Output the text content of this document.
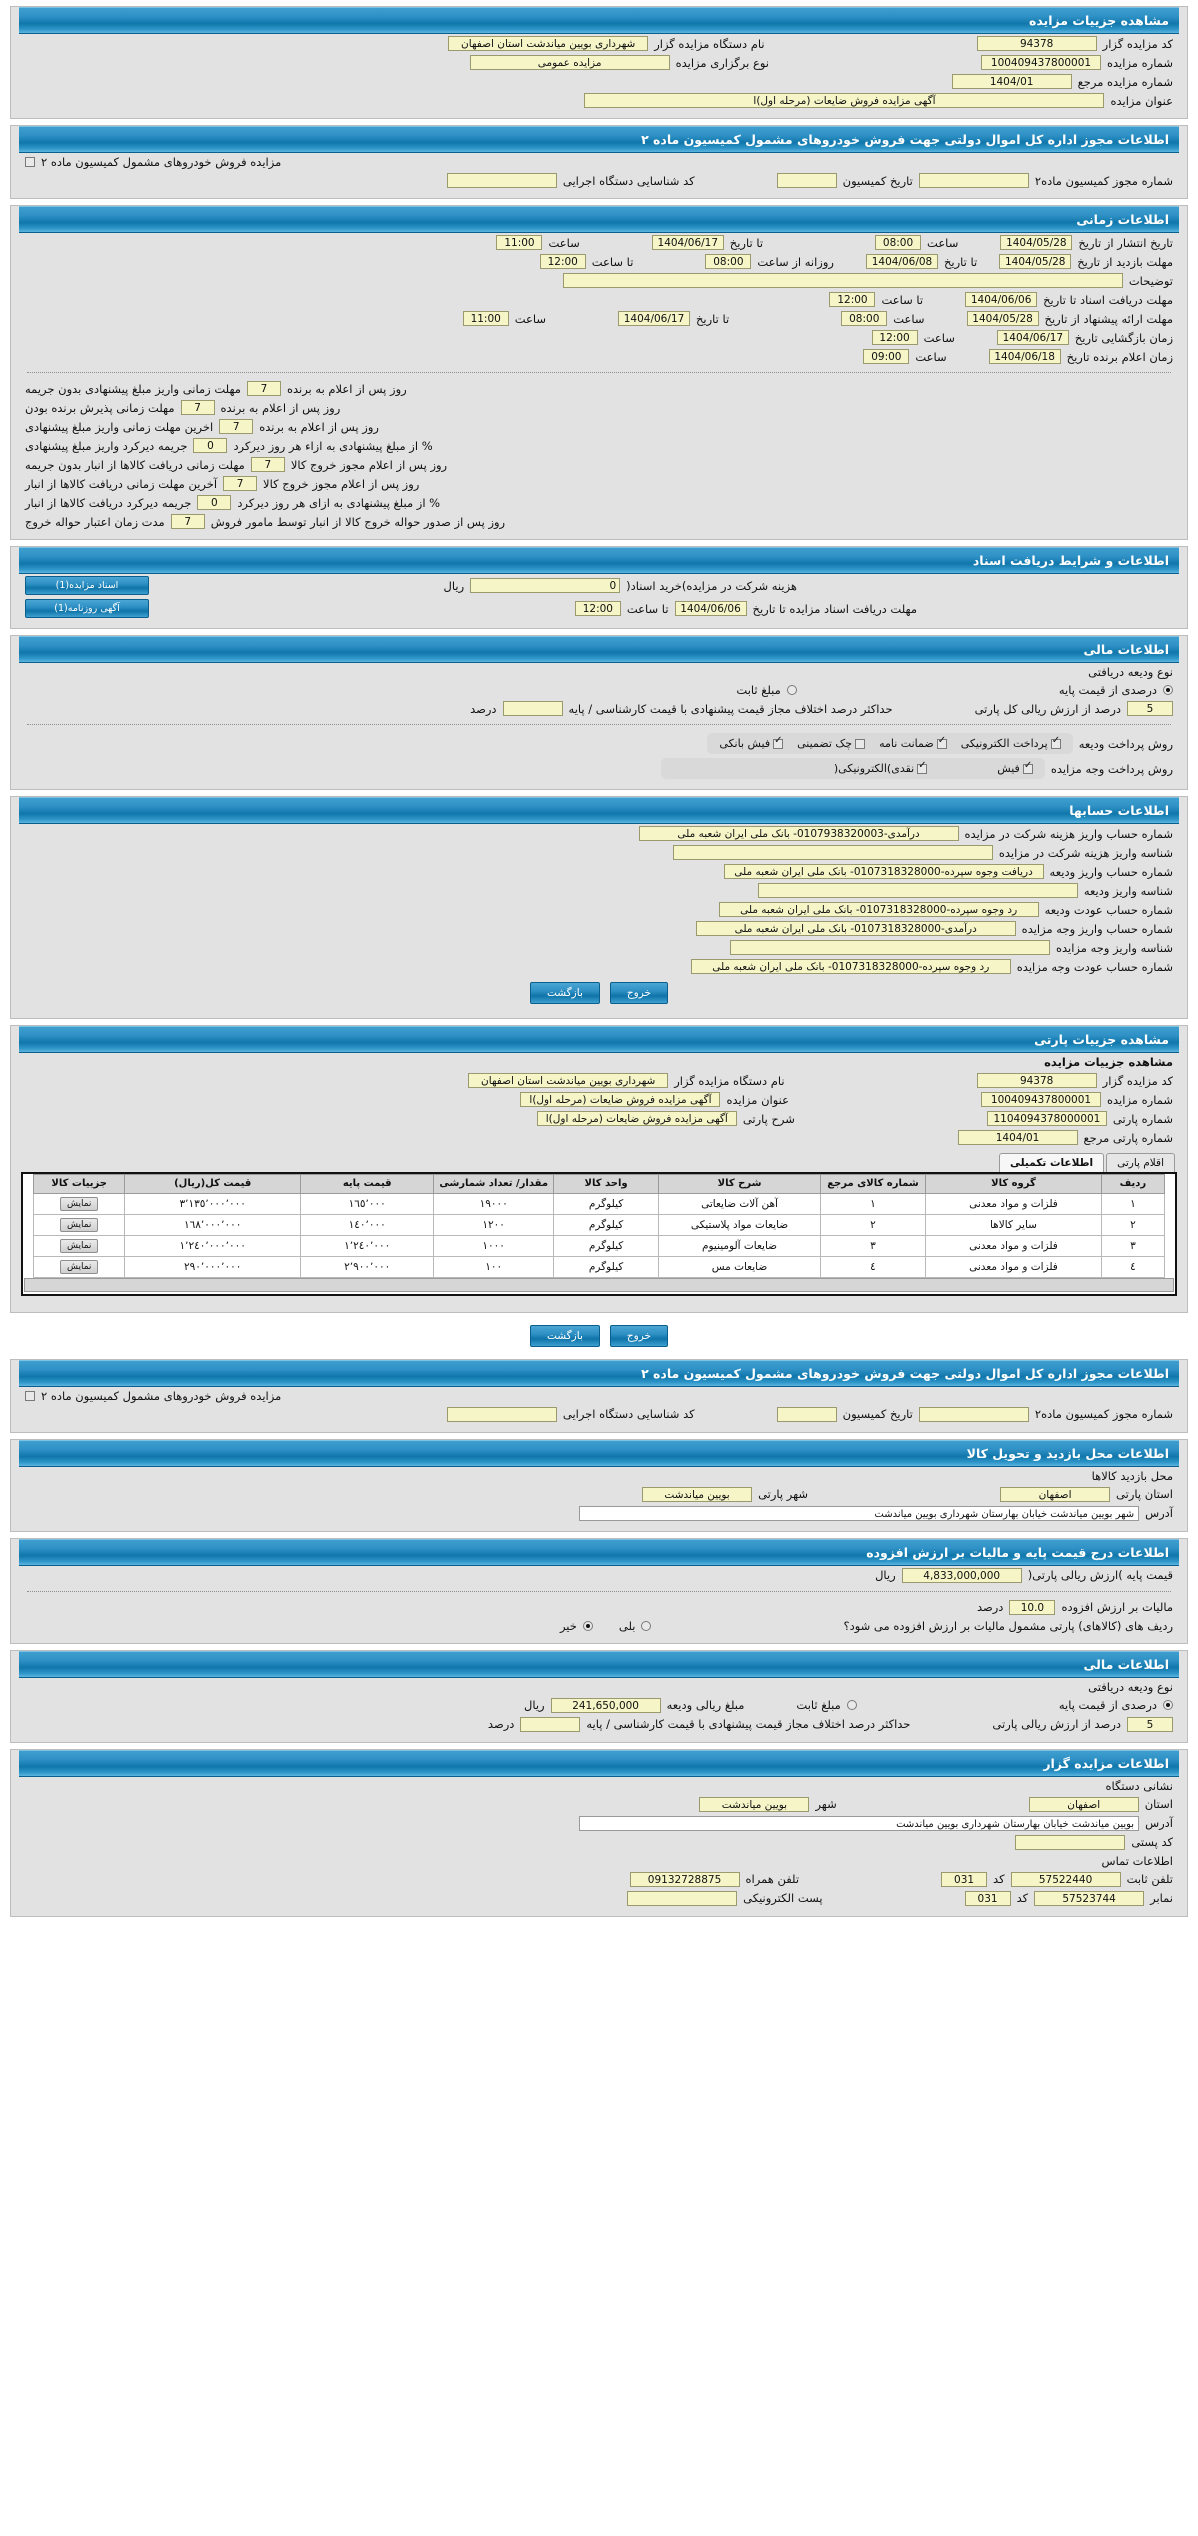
مشاهده جزییات مزایده
کد مزایده گزار
94378
نام دستگاه مزایده گزار
شهرداری بویین میاندشت استان اصفهان
شماره مزایده
100409437800001
نوع برگزاری مزایده
مزایده عمومی
شماره مزایده مرجع
1404/01
عنوان مزایده
آگهی مزایده فروش ضایعات (مرحله اول)ا
اطلاعات مجوز اداره کل اموال دولتی جهت فروش خودروهای مشمول کمیسیون ماده ٢
مزایده فروش خودروهای مشمول کمیسیون ماده ٢
شماره مجوز کمیسیون ماده٢
تاریخ کمیسیون
کد شناسایی دستگاه اجرایی
اطلاعات زمانی
تاریخ انتشار از تاریخ
1404/05/28
ساعت
08:00
تا تاریخ
1404/06/17
ساعت
11:00
مهلت بازدید از تاریخ
1404/05/28
تا تاریخ
1404/06/08
روزانه از ساعت
08:00
تا ساعت
12:00
توضیحات
مهلت دریافت اسناد تا تاریخ
1404/06/06
تا ساعت
12:00
مهلت ارائه پیشنهاد از تاریخ
1404/05/28
ساعت
08:00
تا تاریخ
1404/06/17
ساعت
11:00
زمان بازگشایی تاریخ
1404/06/17
ساعت
12:00
زمان اعلام برنده تاریخ
1404/06/18
ساعت
09:00
روز پس از اعلام به برنده
7
مهلت زمانی واریز مبلغ پیشنهادی بدون جریمه
روز پس از اعلام به برنده
7
مهلت زمانی پذیرش برنده بودن
روز پس از اعلام به برنده
7
اخرین مهلت زمانی واریز مبلغ پیشنهادی
% از مبلغ پیشنهادی به ازاء هر روز دیرکرد
0
جریمه دیرکرد واریز مبلغ پیشنهادی
روز پس از اعلام مجوز خروج کالا
7
مهلت زمانی دریافت کالاها از انبار بدون جریمه
روز پس از اعلام مجوز خروج کالا
7
آخرین مهلت زمانی دریافت کالاها از انبار
% از مبلغ پیشنهادی به ازای هر روز دیرکرد
0
جریمه دیرکرد دریافت کالاها از انبار
روز پس از صدور حواله خروج کالا از انبار توسط مامور فروش
7
مدت زمان اعتبار حواله خروج
اطلاعات و شرایط دریافت اسناد
هزینه شرکت در مزایده)خرید اسناد(
0
ریال
اسناد مزایده(1)
مهلت دریافت اسناد مزایده تا تاریخ
1404/06/06
تا ساعت
12:00
آگهی روزنامه(1)
اطلاعات مالی
نوع ودیعه دریافتی
درصدی از قیمت پایه
مبلغ ثابت
5
درصد از ارزش ریالی کل پارتی
حداکثر درصد اختلاف مجاز قیمت پیشنهادی با قیمت کارشناسی / پایه
درصد
روش پرداخت ودیعه
✓
پرداخت الکترونیکی
✓
ضمانت نامه
چک تضمینی
✓
فیش بانکی
روش پرداخت وجه مزایده
✓
فیش
✓
نقدی)الکترونیکی(
اطلاعات حسابها
شماره حساب واریز هزینه شرکت در مزایده
درآمدی-0107938320003- بانک ملی ایران شعبه ملی
شناسه واریز هزینه شرکت در مزایده
شماره حساب واریز ودیعه
دریافت وجوه سپرده-0107318328000- بانک ملی ایران شعبه ملی
شناسه واریز ودیعه
شماره حساب عودت ودیعه
رد وجوه سپرده-0107318328000- بانک ملی ایران شعبه ملی
شماره حساب واریز وجه مزایده
درآمدی-0107318328000- بانک ملی ایران شعبه ملی
شناسه واریز وجه مزایده
شماره حساب عودت وجه مزایده
رد وجوه سپرده-0107318328000- بانک ملی ایران شعبه ملی
خروج
بازگشت
مشاهده جزییات پارتی
مشاهده جزییات مزایده
کد مزایده گزار
94378
نام دستگاه مزایده گزار
شهرداری بویین میاندشت استان اصفهان
شماره مزایده
100409437800001
عنوان مزایده
آگهی مزایده فروش ضایعات (مرحله اول)ا
شماره پارتی
1104094378000001
شرح پارتی
آگهی مزایده فروش ضایعات (مرحله اول)ا
شماره پارتی مرجع
1404/01
اقلام پارتی
اطلاعات تکمیلی
ردیف	گروه کالا	شماره کالای مرجع	شرح کالا	واحد کالا	مقدار/ تعداد شمارشی	قیمت پایه	قیمت کل(ریال)	جزییات کالا
١	فلزات و مواد معدنی	١	آهن آلات ضایعاتی	کیلوگرم	١٩٠٠٠	١٦٥٬٠٠٠	٣٬١٣٥٬٠٠٠٬٠٠٠	نمایش
٢	سایر کالاها	٢	ضایعات مواد پلاستیکی	کیلوگرم	١٢٠٠	١٤٠٬٠٠٠	١٦٨٬٠٠٠٬٠٠٠	نمایش
٣	فلزات و مواد معدنی	٣	ضایعات آلومینیوم	کیلوگرم	١٠٠٠	١٬٢٤٠٬٠٠٠	١٬٢٤٠٬٠٠٠٬٠٠٠	نمایش
٤	فلزات و مواد معدنی	٤	ضایعات مس	کیلوگرم	١٠٠	٢٬٩٠٠٬٠٠٠	٢٩٠٬٠٠٠٬٠٠٠	نمایش
خروج
بازگشت
اطلاعات مجوز اداره کل اموال دولتی جهت فروش خودروهای مشمول کمیسیون ماده ٢
مزایده فروش خودروهای مشمول کمیسیون ماده ٢
شماره مجوز کمیسیون ماده٢
تاریخ کمیسیون
کد شناسایی دستگاه اجرایی
اطلاعات محل بازدید و تحویل کالا
محل بازدید کالاها
استان پارتی
اصفهان
شهر پارتی
بویین میاندشت
آدرس
شهر بویین میاندشت خیابان بهارستان شهرداری بویین میاندشت
اطلاعات درج قیمت پایه و مالیات بر ارزش افزوده
قیمت پایه )ارزش ریالی پارتی(
4,833,000,000
ریال
مالیات بر ارزش افزوده
10.0
درصد
ردیف های (کالاهای) پارتی مشمول مالیات بر ارزش افزوده می شود؟
بلی
خیر
اطلاعات مالی
نوع ودیعه دریافتی
درصدی از قیمت پایه
مبلغ ثابت
مبلغ ریالی ودیعه
241,650,000
ریال
5
درصد از ارزش ریالی پارتی
حداکثر درصد اختلاف مجاز قیمت پیشنهادی با قیمت کارشناسی / پایه
درصد
اطلاعات مزایده گزار
نشانی دستگاه
استان
اصفهان
شهر
بویین میاندشت
آدرس
بویین میاندشت خیابان بهارستان شهرداری بویین میاندشت
کد پستی
اطلاعات تماس
تلفن ثابت
57522440
کد
031
تلفن همراه
09132728875
نمابر
57523744
کد
031
پست الکترونیکی
